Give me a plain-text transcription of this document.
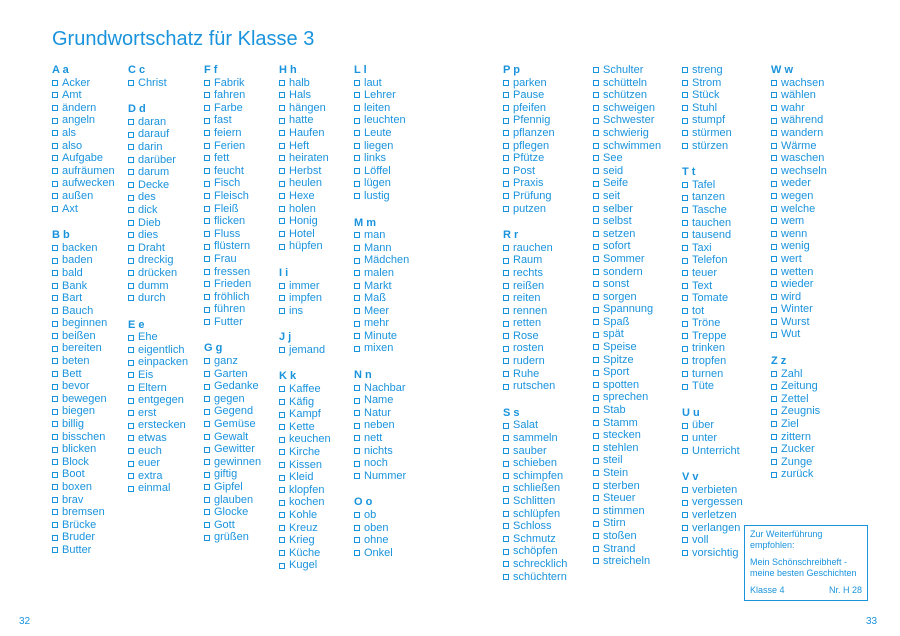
Grundwortschatz für Klasse 3
A a
Acker
Amt
ändern
angeln
als
also
Aufgabe
aufräumen
aufwecken
außen
Axt
B b
backen
baden
bald
Bank
Bart
Bauch
beginnen
beißen
bereiten
beten
Bett
bevor
bewegen
biegen
billig
bisschen
blicken
Block
Boot
boxen
brav
bremsen
Brücke
Bruder
Butter
C c
Christ
D d
daran
darauf
darin
darüber
darum
Decke
des
dick
Dieb
dies
Draht
dreckig
drücken
dumm
durch
E e
Ehe
eigentlich
einpacken
Eis
Eltern
entgegen
erst
erstecken
etwas
euch
euer
extra
einmal
F f
Fabrik
fahren
Farbe
fast
feiern
Ferien
fett
feucht
Fisch
Fleisch
Fleiß
flicken
Fluss
flüstern
Frau
fressen
Frieden
fröhlich
führen
Futter
G g
ganz
Garten
Gedanke
gegen
Gegend
Gemüse
Gewalt
Gewitter
gewinnen
giftig
Gipfel
glauben
Glocke
Gott
grüßen
H h
halb
Hals
hängen
hatte
Haufen
Heft
heiraten
Herbst
heulen
Hexe
holen
Honig
Hotel
hüpfen
I i
immer
impfen
ins
J j
jemand
K k
Kaffee
Käfig
Kampf
Kette
keuchen
Kirche
Kissen
Kleid
klopfen
kochen
Kohle
Kreuz
Krieg
Küche
Kugel
L l
laut
Lehrer
leiten
leuchten
Leute
liegen
links
Löffel
lügen
lustig
M m
man
Mann
Mädchen
malen
Markt
Maß
Meer
mehr
Minute
mixen
N n
Nachbar
Name
Natur
neben
nett
nichts
noch
Nummer
O o
ob
oben
ohne
Onkel
P p
parken
Pause
pfeifen
Pfennig
pflanzen
pflegen
Pfütze
Post
Praxis
Prüfung
putzen
R r
rauchen
Raum
rechts
reißen
reiten
rennen
retten
Rose
rosten
rudern
Ruhe
rutschen
S s
Salat
sammeln
sauber
schieben
schimpfen
schließen
Schlitten
schlüpfen
Schloss
Schmutz
schöpfen
schrecklich
schüchtern
Schulter
schütteln
schützen
schweigen
Schwester
schwierig
schwimmen
See
seid
Seife
seit
selber
selbst
setzen
sofort
Sommer
sondern
sonst
sorgen
Spannung
Spaß
spät
Speise
Spitze
Sport
spotten
sprechen
Stab
Stamm
stecken
stehlen
steil
Stein
sterben
Steuer
stimmen
Stirn
stoßen
Strand
streicheln
streng
Strom
Stück
Stuhl
stumpf
stürmen
stürzen
T t
Tafel
tanzen
Tasche
tauchen
tausend
Taxi
Telefon
teuer
Text
Tomate
tot
Tröne
Treppe
trinken
tropfen
turnen
Tüte
U u
über
unter
Unterricht
V v
verbieten
vergessen
verletzen
verlangen
voll
vorsichtig
W w
wachsen
wählen
wahr
während
wandern
Wärme
waschen
wechseln
weder
wegen
welche
wem
wenn
wenig
wert
wetten
wieder
wird
Winter
Wurst
Wut
Z z
Zahl
Zeitung
Zettel
Zeugnis
Ziel
zittern
Zucker
Zunge
zurück
Zur Weiterführung
empfohlen:
Mein Schönschreibheft -
meine besten Geschichten
Klasse 4	Nr. H 28
32	33
